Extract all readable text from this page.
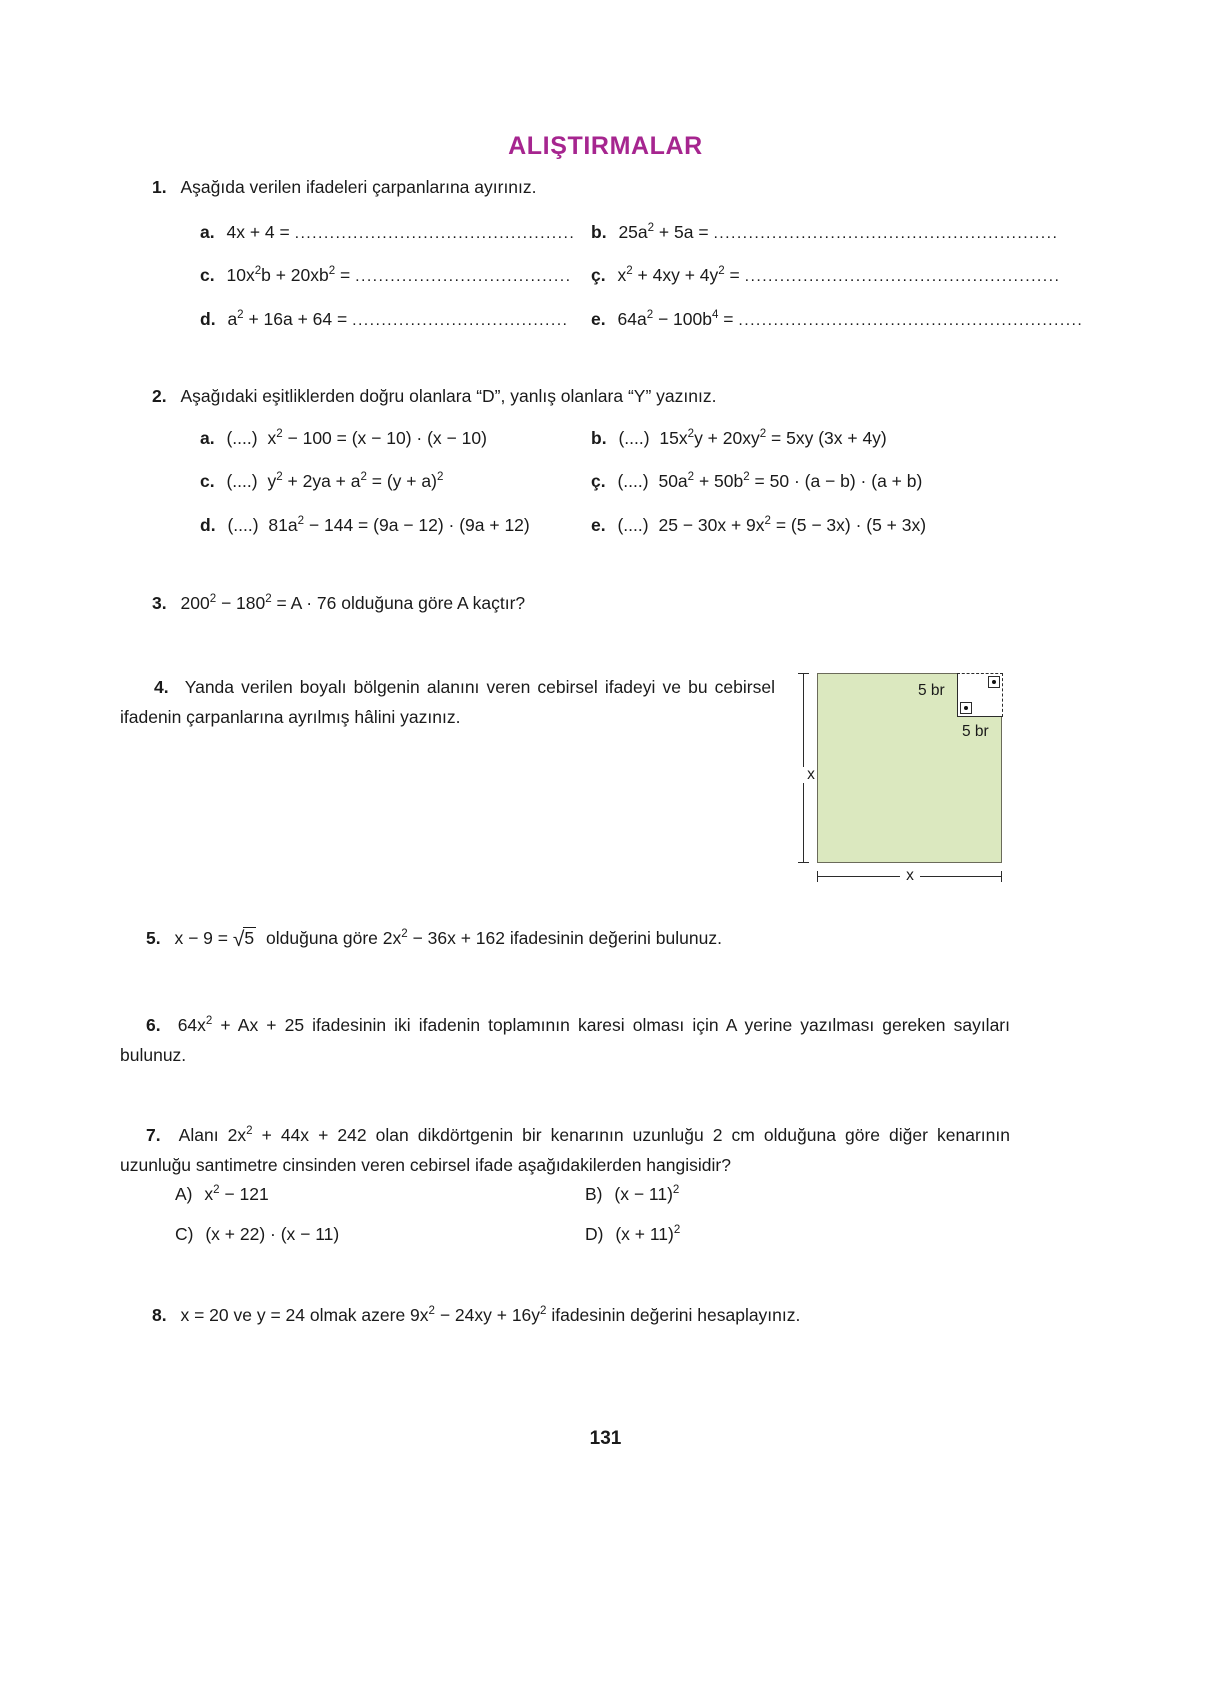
ALIŞTIRMALAR
1. Aşağıda verilen ifadeleri çarpanlarına ayırınız.
a. 4x + 4 = ................................................ b. $25a^2 + 5a$ = ...........................................................
c. $10x^2b + 20xb^2$ = ..................................... ç. $x^2 + 4xy + 4y^2$ = ......................................................
d. $a^2 + 16a + 64$ = ..................................... e. $64a^2 - 100b^4$ = ...........................................................
2. Aşağıdaki eşitliklerden doğru olanlara “D”, yanlış olanlara “Y” yazınız.
a. (....) $x^2 - 100 = (x - 10) \cdot (x - 10)$	b. (....) $15x^2y + 20xy^2 = 5xy$ (3x + 4y)
c. (....) $y^2 + 2ya + a^2 = (y + a)^2$	ç. (....) $50a^2 + 50b^2 = 50 \cdot (a - b) \cdot (a + b)$
d. (....) $81a^2 - 144 = (9a - 12) \cdot (9a + 12)$	e. (....) $25 - 30x + 9x^2 = (5 - 3x) \cdot (5 + 3x)$
3. $200^2 - 180^2 = A \cdot 76$ olduğuna göre A kaçtır?
4. Yanda verilen boyalı bölgenin alanını veren cebirsel ifadeyi ve bu cebirsel ifadenin çarpanlarına ayrılmış hâlini yazınız.
x
5 br
5 br
x
5. x − 9 = √5 olduğuna göre $2x^2 - 36x + 162$ ifadesinin değerini bulunuz.
6. $64x^2 + Ax + 25$ ifadesinin iki ifadenin toplamının karesi olması için A yerine yazılması gereken sayıları bulunuz.
7. Alanı $2x^2 + 44x + 242$ olan dikdörtgenin bir kenarının uzunluğu 2 cm olduğuna göre diğer kenarının uzunluğu santimetre cinsinden veren cebirsel ifade aşağıdakilerden hangisidir?
A) $x^2 - 121$	B) $(x - 11)^2$
C) (x + 22) · (x − 11)	D) $(x + 11)^2$
8. x = 20 ve y = 24 olmak azere $9x^2 - 24xy + 16y^2$ ifadesinin değerini hesaplayınız.
131
